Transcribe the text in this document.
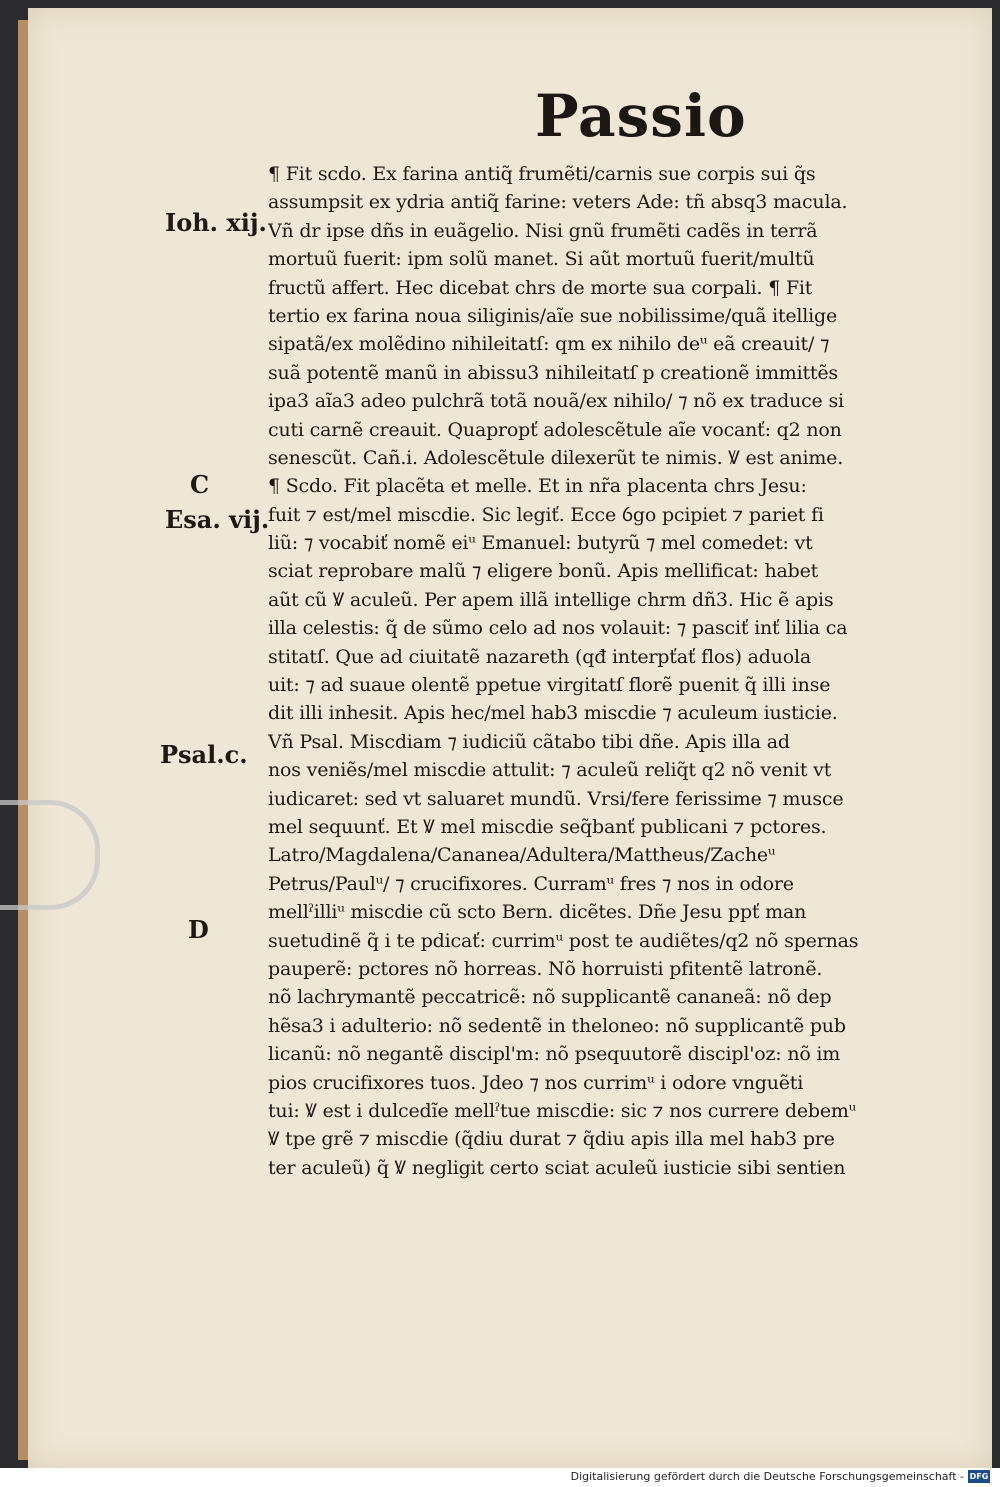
Passio
Ioh. xij.
C
Esa. vij.
Psal.c.
D
¶ Fit scdo. Ex farina antiq̃ frumẽti/carnis sue corpis sui q̃s
assumpsit ex ydria antiq̃ farine: veters Ade: tñ absq3 macula.
Vñ dr ipse dñs in euãgelio. Nisi gnũ frumẽti cadẽs in terrã
mortuũ fuerit: ipm solũ manet. Si aũt mortuũ fuerit/multũ
fructũ affert. Hec dicebat chrs de morte sua corpali. ¶ Fit
tertio ex farina noua siliginis/aĩe sue nobilissime/quã itellige
sipatã/ex molẽdino nihileitatſ: qm ex nihilo deᵘ eã creauit/ ⁊
suã potentẽ manũ in abissu3 nihileitatſ p creationẽ immittẽs
ipa3 aĩa3 adeo pulchrã totã nouã/ex nihilo/ ⁊ nõ ex traduce si
cuti carnẽ creauit. Quapropť adolescẽtule aĩe vocanť: q2 non
senescũt. Cañ.i. Adolescẽtule dilexerũt te nimis. Ꝟ est anime.
¶ Scdo. Fit placẽta et melle. Et in nr̃a placenta chrs Jesu:
fuit ⁊ est/mel miscdie. Sic legiť. Ecce ỽgo pcipiet ⁊ pariet fi
liũ: ⁊ vocabiť nomẽ eiᵘ Emanuel: butyrũ ⁊ mel comedet: vt
sciat reprobare malũ ⁊ eligere bonũ. Apis mellificat: habet
aũt cũ Ꝟ aculeũ. Per apem illã intellige chrm dñ3. Hic ẽ apis
illa celestis: q̃ de sũmo celo ad nos volauit: ⁊ pasciť inť lilia ca
stitatſ. Que ad ciuitatẽ nazareth (qđ interpťať flos) aduola
uit: ⁊ ad suaue olentẽ ppetue virgitatſ florẽ puenit q̃ illi inse
dit illi inhesit. Apis hec/mel hab3 miscdie ⁊ aculeum iusticie.
Vñ Psal. Miscdiam ⁊ iudiciũ cãtabo tibi dñe. Apis illa ad
nos veniẽs/mel miscdie attulit: ⁊ aculeũ reliq̃t q2 nõ venit vt
iudicaret: sed vt saluaret mundũ. Vrsi/fere ferissime ⁊ musce
mel sequunť. Et Ꝟ mel miscdie seq̃banť publicani ⁊ pctores.
Latro/Magdalena/Cananea/Adultera/Mattheus/Zacheᵘ
Petrus/Paulᵘ/ ⁊ crucifixores. Curramᵘ fres ⁊ nos in odore
mellˀilliᵘ miscdie cũ scto Bern. dicẽtes. Dñe Jesu ppť man
suetudinẽ q̃ i te pdicať: currimᵘ post te audiẽtes/q2 nõ spernas
pauperẽ: pctores nõ horreas. Nõ horruisti pfitentẽ latronẽ.
nõ lachrymantẽ peccatricẽ: nõ supplicantẽ cananeã: nõ dep
hẽsa3 i adulterio: nõ sedentẽ in theloneo: nõ supplicantẽ pub
licanũ: nõ negantẽ discipl'm: nõ psequutorẽ discipl'oz: nõ im
pios crucifixores tuos. Jdeo ⁊ nos currimᵘ i odore vnguẽti
tui: Ꝟ est i dulcedĩe mellˀtue miscdie: sic ⁊ nos currere debemᵘ
Ꝟ tpe grẽ ⁊ miscdie (q̃diu durat ⁊ q̃diu apis illa mel hab3 pre
ter aculeũ) q̃ Ꝟ negligit certo sciat aculeũ iusticie sibi sentien
Digitalisierung gefördert durch die Deutsche Forschungsgemeinschaft - DFG
